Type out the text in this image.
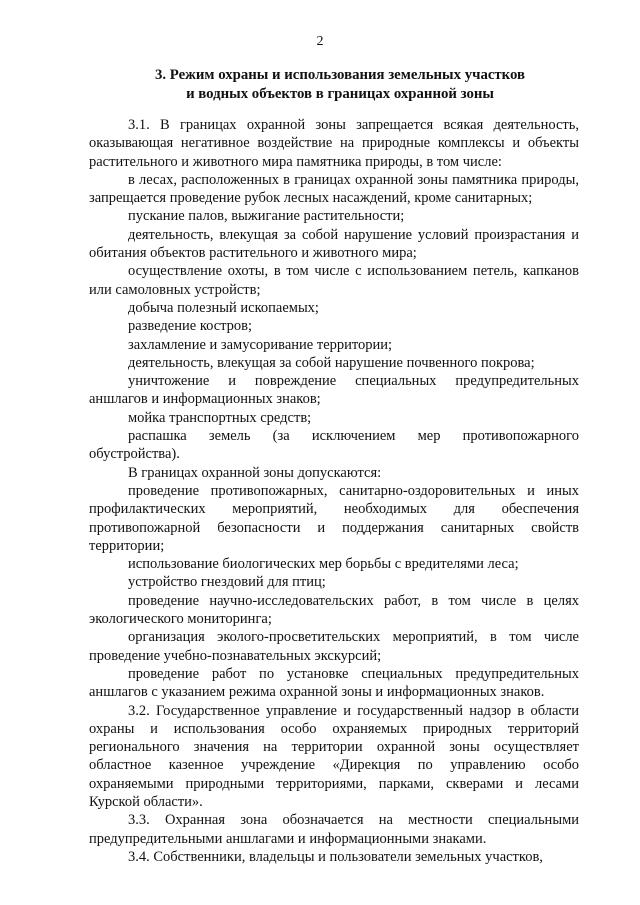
2
3. Режим охраны и использования земельных участков
и водных объектов в границах охранной зоны

3.1. В границах охранной зоны запрещается всякая деятельность, оказывающая негативное воздействие на природные комплексы и объекты растительного и животного мира памятника природы, в том числе:

в лесах, расположенных в границах охранной зоны памятника природы, запрещается проведение рубок лесных насаждений, кроме санитарных;

пускание палов, выжигание растительности;

деятельность, влекущая за собой нарушение условий произрастания и обитания объектов растительного и животного мира;

осуществление охоты, в том числе с использованием петель, капканов или самоловных устройств;

добыча полезный ископаемых;

разведение костров;

захламление и замусоривание территории;

деятельность, влекущая за собой нарушение почвенного покрова;

уничтожение и повреждение специальных предупредительных аншлагов и информационных знаков;

мойка транспортных средств;

распашка земель (за исключением мер противопожарного обустройства).

В границах охранной зоны допускаются:

проведение противопожарных, санитарно-оздоровительных и иных профилактических мероприятий, необходимых для обеспечения противопожарной безопасности и поддержания санитарных свойств территории;

использование биологических мер борьбы с вредителями леса;

устройство гнездовий для птиц;

проведение научно-исследовательских работ, в том числе в целях экологического мониторинга;

организация эколого-просветительских мероприятий, в том числе проведение учебно-познавательных экскурсий;

проведение работ по установке специальных предупредительных аншлагов с указанием режима охранной зоны и информационных знаков.

3.2. Государственное управление и государственный надзор в области охраны и использования особо охраняемых природных территорий регионального значения на территории охранной зоны осуществляет областное казенное учреждение «Дирекция по управлению особо охраняемыми природными территориями, парками, скверами и лесами Курской области».

3.3. Охранная зона обозначается на местности специальными предупредительными аншлагами и информационными знаками.

3.4. Собственники, владельцы и пользователи земельных участков,
